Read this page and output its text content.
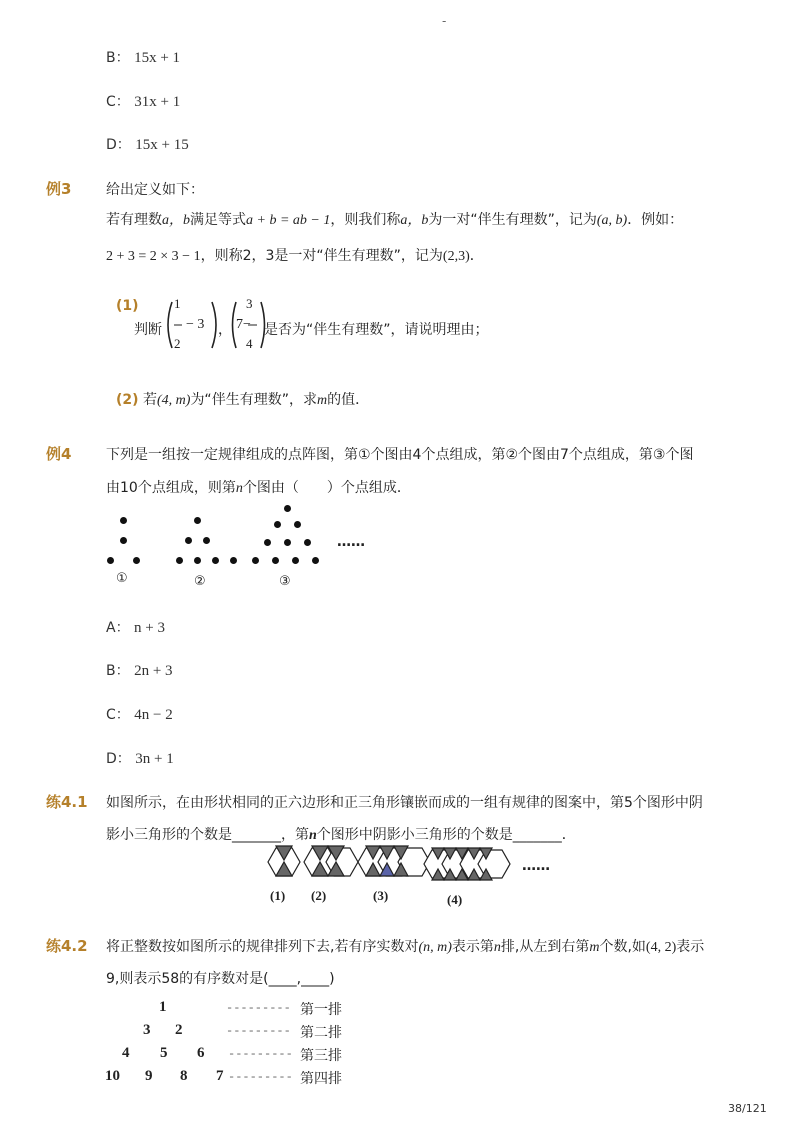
-
B： 15x + 1
C： 31x + 1
D： 15x + 15
例3 给出定义如下：
若有理数a，b满足等式a + b = ab − 1，则我们称a，b为一对“伴生有理数”，记为(a, b)．例如：
2 + 3 = 2 × 3 − 1，则称2，3是一对“伴生有理数”，记为(2,3)．
(1)
判断
1
2
− 3 ，
3
7−
4
是否为“伴生有理数”，请说明理由；
(2) 若(4, m)为“伴生有理数”，求m的值．
例4 下列是一组按一定规律组成的点阵图，第①个图由4个点组成，第②个图由7个点组成，第③个图
由10个点组成，则第n个图由（　　）个点组成．
①	②	③
……
A： n + 3
B： 2n + 3
C： 4n − 2
D： 3n + 1
练4.1 如图所示，在由形状相同的正六边形和正三角形镶嵌而成的一组有规律的图案中，第5个图形中阴
影小三角形的个数是_______，第n个图形中阴影小三角形的个数是_______．
……
(1) (2)	(3)	(4)
练4.2 将正整数按如图所示的规律排列下去,若有序实数对(n, m)表示第n排,从左到右第m个数,如(4, 2)表示
9,则表示58的有序数对是(____,____)
1
3 2
4 5 6
10 9 8 7
---------
---------
---------
---------
第一排
第二排
第三排
第四排
38/121
